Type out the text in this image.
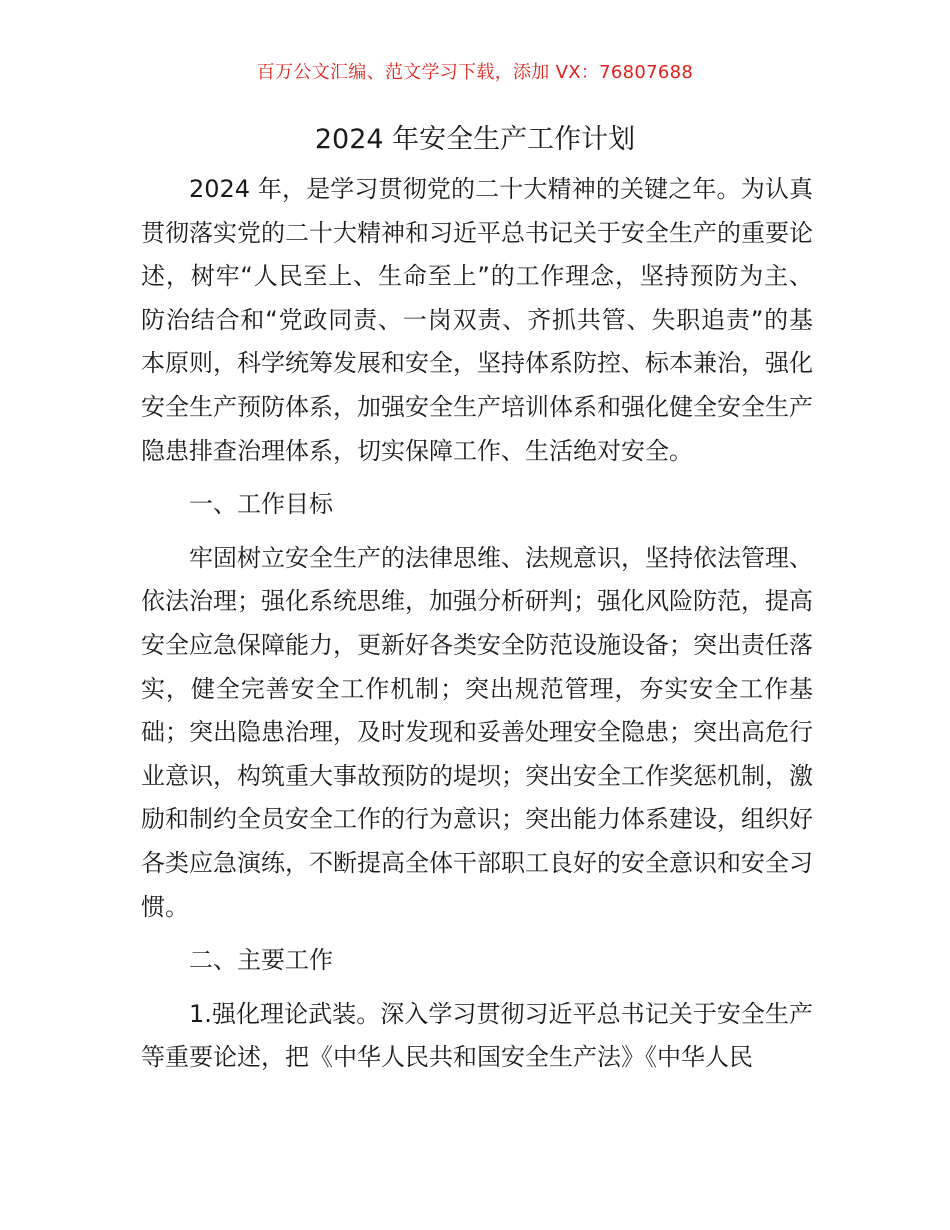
百万公文汇编、范文学习下载，添加 VX：76807688
2024 年安全生产工作计划

2024 年，是学习贯彻党的二十大精神的关键之年。为认真贯彻落实党的二十大精神和习近平总书记关于安全生产的重要论述，树牢“人民至上、生命至上”的工作理念，坚持预防为主、防治结合和“党政同责、一岗双责、齐抓共管、失职追责”的基本原则，科学统筹发展和安全，坚持体系防控、标本兼治，强化安全生产预防体系，加强安全生产培训体系和强化健全安全生产隐患排查治理体系，切实保障工作、生活绝对安全。

一、工作目标

牢固树立安全生产的法律思维、法规意识，坚持依法管理、依法治理；强化系统思维，加强分析研判；强化风险防范，提高安全应急保障能力，更新好各类安全防范设施设备；突出责任落实，健全完善安全工作机制；突出规范管理，夯实安全工作基础；突出隐患治理，及时发现和妥善处理安全隐患；突出高危行业意识，构筑重大事故预防的堤坝；突出安全工作奖惩机制，激励和制约全员安全工作的行为意识；突出能力体系建设，组织好各类应急演练，不断提高全体干部职工良好的安全意识和安全习惯。

二、主要工作

1.强化理论武装。深入学习贯彻习近平总书记关于安全生产等重要论述，把《中华人民共和国安全生产法》《中华人民
